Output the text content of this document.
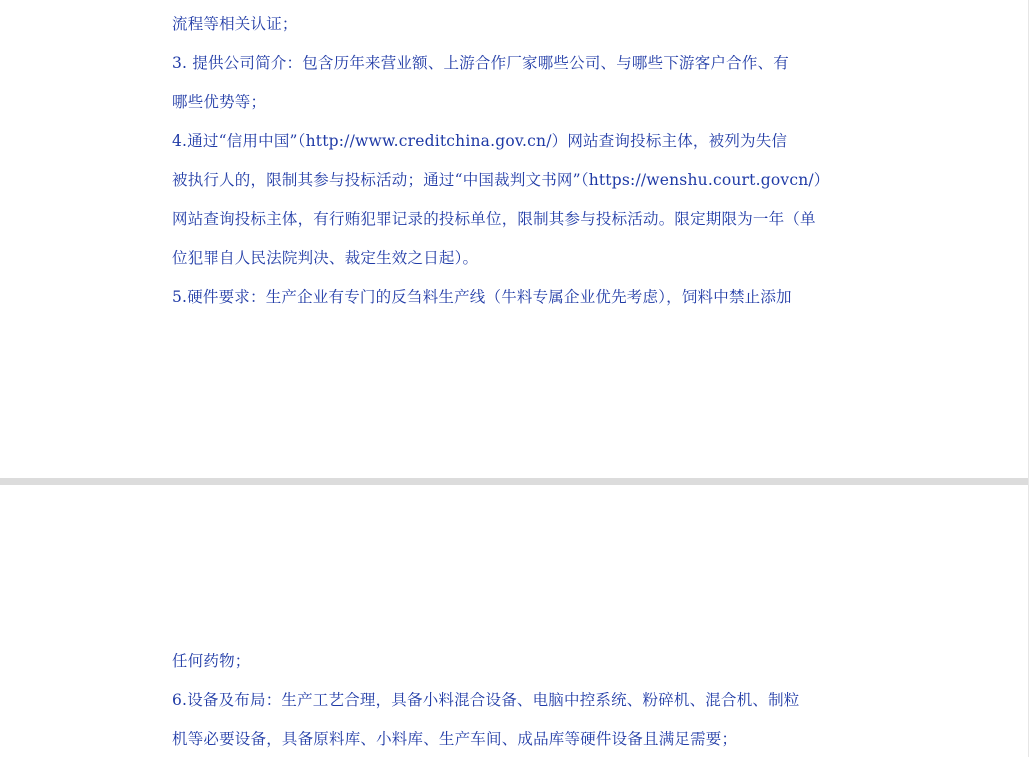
流程等相关认证；
3. 提供公司简介：包含历年来营业额、上游合作厂家哪些公司、与哪些下游客户合作、有
哪些优势等；
4.通过“信用中国”（http://www.creditchina.gov.cn/）网站查询投标主体，被列为失信
被执行人的，限制其参与投标活动；通过“中国裁判文书网”（https://wenshu.court.govcn/）
网站查询投标主体，有行贿犯罪记录的投标单位，限制其参与投标活动。限定期限为一年（单
位犯罪自人民法院判决、裁定生效之日起）。
5.硬件要求：生产企业有专门的反刍料生产线（牛料专属企业优先考虑），饲料中禁止添加
任何药物；
6.设备及布局：生产工艺合理，具备小料混合设备、电脑中控系统、粉碎机、混合机、制粒
机等必要设备，具备原料库、小料库、生产车间、成品库等硬件设备且满足需要；
